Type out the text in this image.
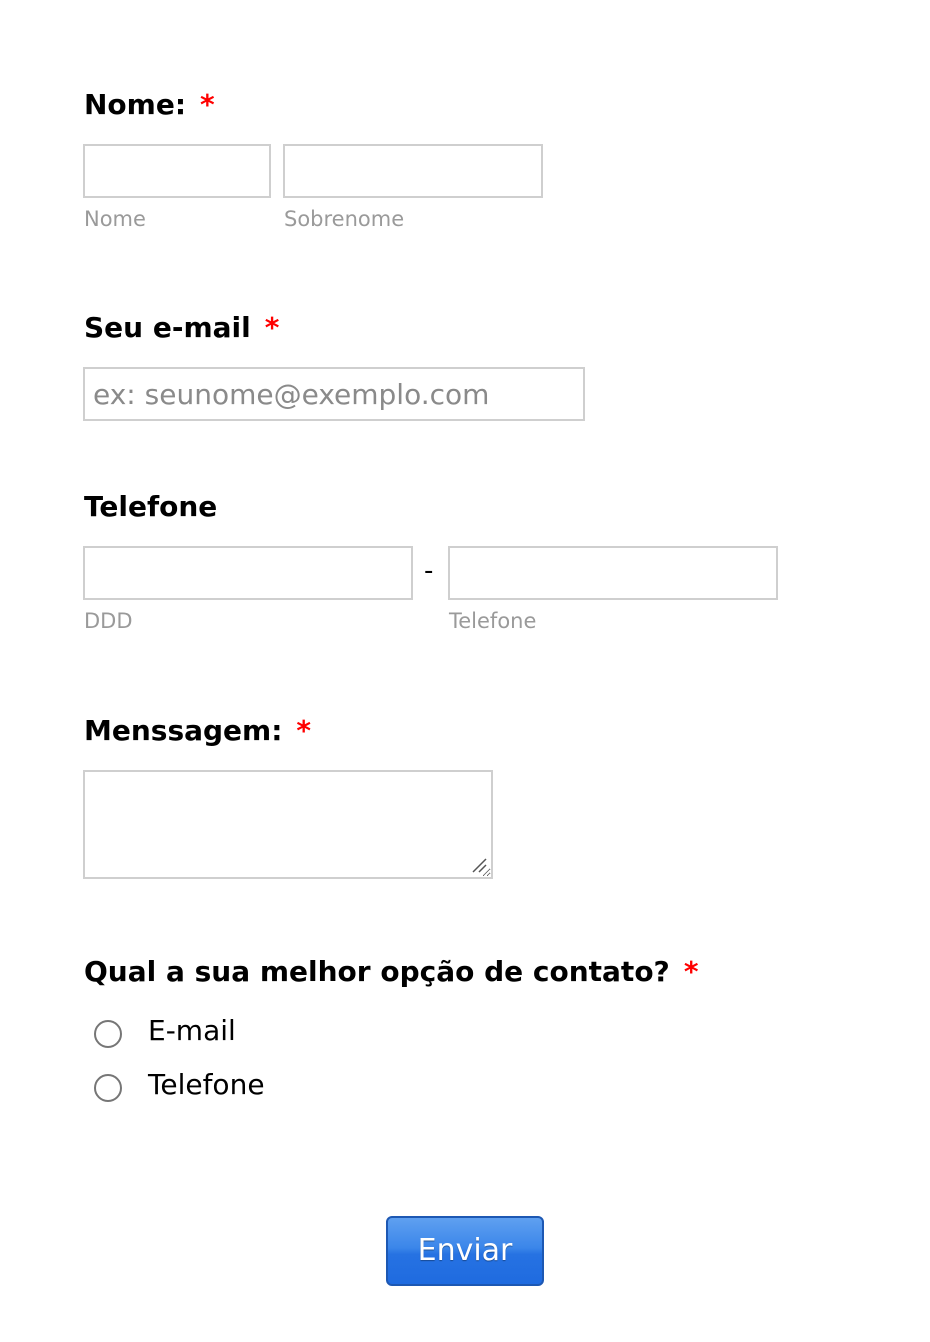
Nome: *
Nome	Sobrenome
Seu e-mail *
ex: seunome@exemplo.com
Telefone
-
DDD	Telefone
Menssagem: *
Qual a sua melhor opção de contato? *
E-mail
Telefone
Enviar
